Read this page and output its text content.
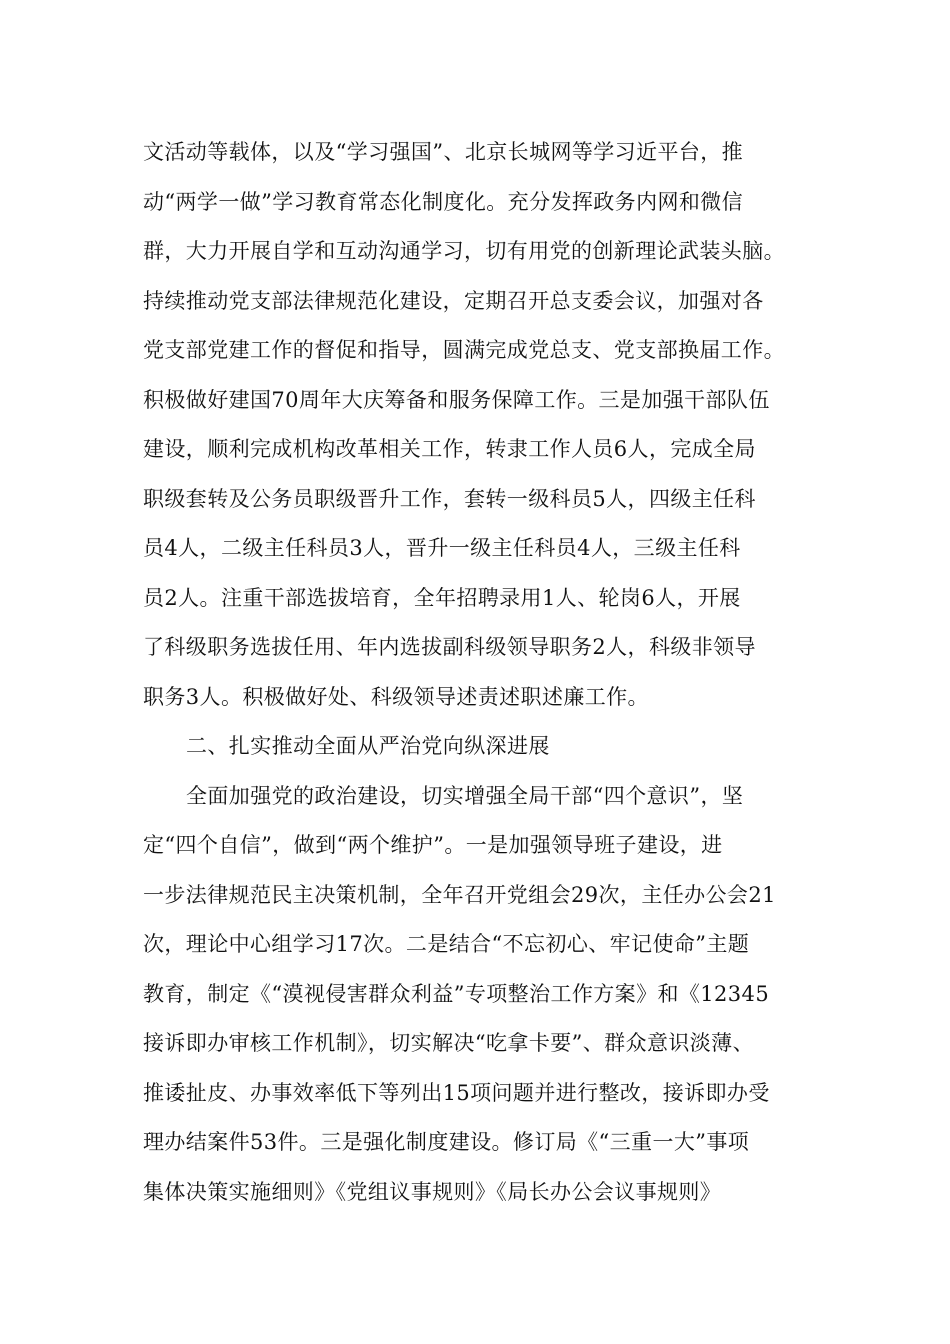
文活动等载体，以及“学习强国”、北京长城网等学习近平台，推
动“两学一做”学习教育常态化制度化。充分发挥政务内网和微信
群，大力开展自学和互动沟通学习，切有用党的创新理论武装头脑。
持续推动党支部法律规范化建设，定期召开总支委会议，加强对各
党支部党建工作的督促和指导，圆满完成党总支、党支部换届工作。
积极做好建国70周年大庆筹备和服务保障工作。三是加强干部队伍
建设，顺利完成机构改革相关工作，转隶工作人员6人，完成全局
职级套转及公务员职级晋升工作，套转一级科员5人，四级主任科
员4人，二级主任科员3人，晋升一级主任科员4人，三级主任科
员2人。注重干部选拔培育，全年招聘录用1人、轮岗6人，开展
了科级职务选拔任用、年内选拔副科级领导职务2人，科级非领导
职务3人。积极做好处、科级领导述责述职述廉工作。
二、扎实推动全面从严治党向纵深进展
全面加强党的政治建设，切实增强全局干部“四个意识”，坚
定“四个自信”，做到“两个维护”。一是加强领导班子建设，进
一步法律规范民主决策机制，全年召开党组会29次，主任办公会21
次，理论中心组学习17次。二是结合“不忘初心、牢记使命”主题
教育，制定《“漠视侵害群众利益”专项整治工作方案》和《12345
接诉即办审核工作机制》，切实解决“吃拿卡要”、群众意识淡薄、
推诿扯皮、办事效率低下等列出15项问题并进行整改，接诉即办受
理办结案件53件。三是强化制度建设。修订局《“三重一大”事项
集体决策实施细则》《党组议事规则》《局长办公会议事规则》
